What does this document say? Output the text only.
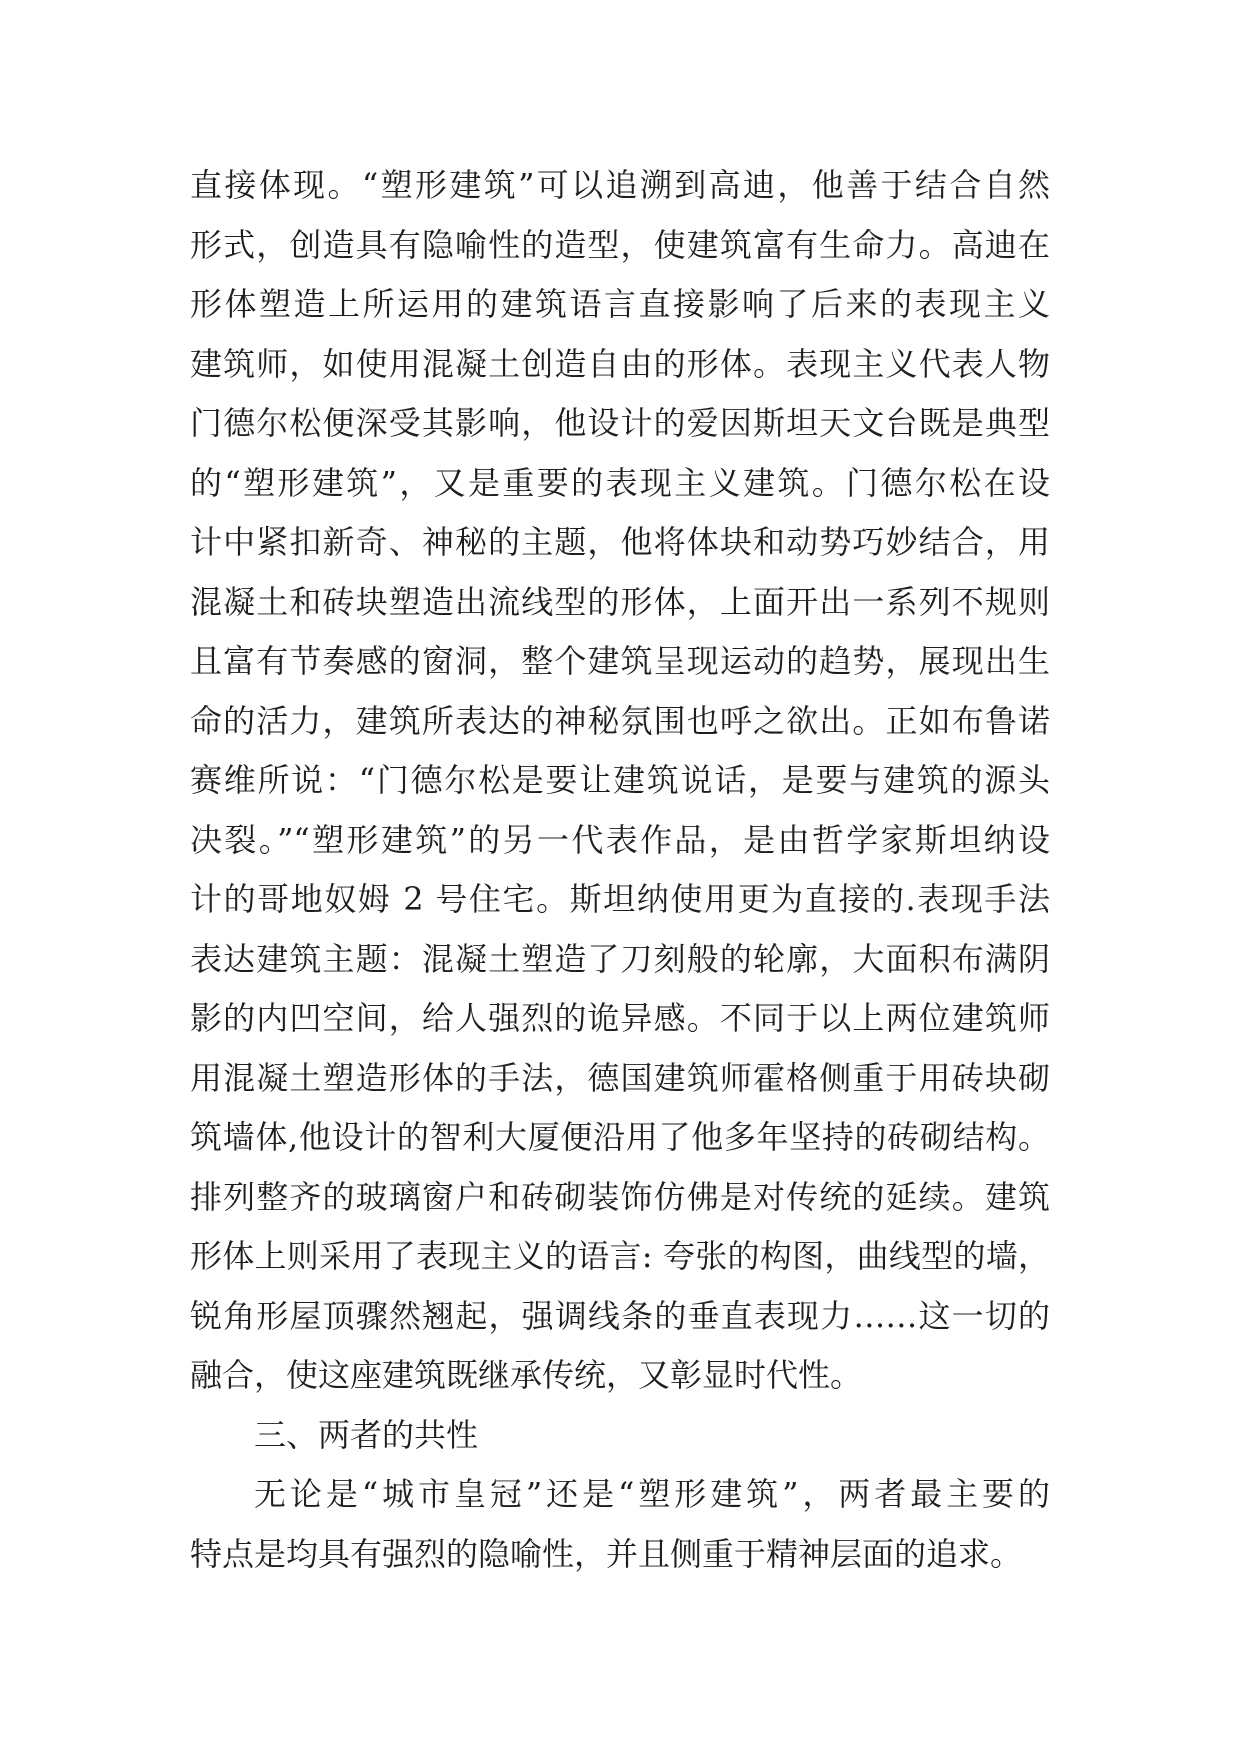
直接体现。“塑形建筑”可以追溯到高迪，他善于结合自然
形式，创造具有隐喻性的造型，使建筑富有生命力。高迪在
形体塑造上所运用的建筑语言直接影响了后来的表现主义
建筑师，如使用混凝土创造自由的形体。表现主义代表人物
门德尔松便深受其影响，他设计的爱因斯坦天文台既是典型
的“塑形建筑”，又是重要的表现主义建筑。门德尔松在设
计中紧扣新奇、神秘的主题，他将体块和动势巧妙结合，用
混凝土和砖块塑造出流线型的形体，上面开出一系列不规则
且富有节奏感的窗洞，整个建筑呈现运动的趋势，展现出生
命的活力，建筑所表达的神秘氛围也呼之欲出。正如布鲁诺
赛维所说：“门德尔松是要让建筑说话，是要与建筑的源头
决裂。”“塑形建筑”的另一代表作品，是由哲学家斯坦纳设
计的哥地奴姆 2 号住宅。斯坦纳使用更为直接的.表现手法
表达建筑主题：混凝土塑造了刀刻般的轮廓，大面积布满阴
影的内凹空间，给人强烈的诡异感。不同于以上两位建筑师
用混凝土塑造形体的手法，德国建筑师霍格侧重于用砖块砌
筑墙体,他设计的智利大厦便沿用了他多年坚持的砖砌结构。
排列整齐的玻璃窗户和砖砌装饰仿佛是对传统的延续。建筑
形体上则采用了表现主义的语言: 夸张的构图，曲线型的墙，
锐角形屋顶骤然翘起，强调线条的垂直表现力……这一切的
融合，使这座建筑既继承传统，又彰显时代性。
三、两者的共性
无论是“城市皇冠”还是“塑形建筑”，两者最主要的
特点是均具有强烈的隐喻性，并且侧重于精神层面的追求。
